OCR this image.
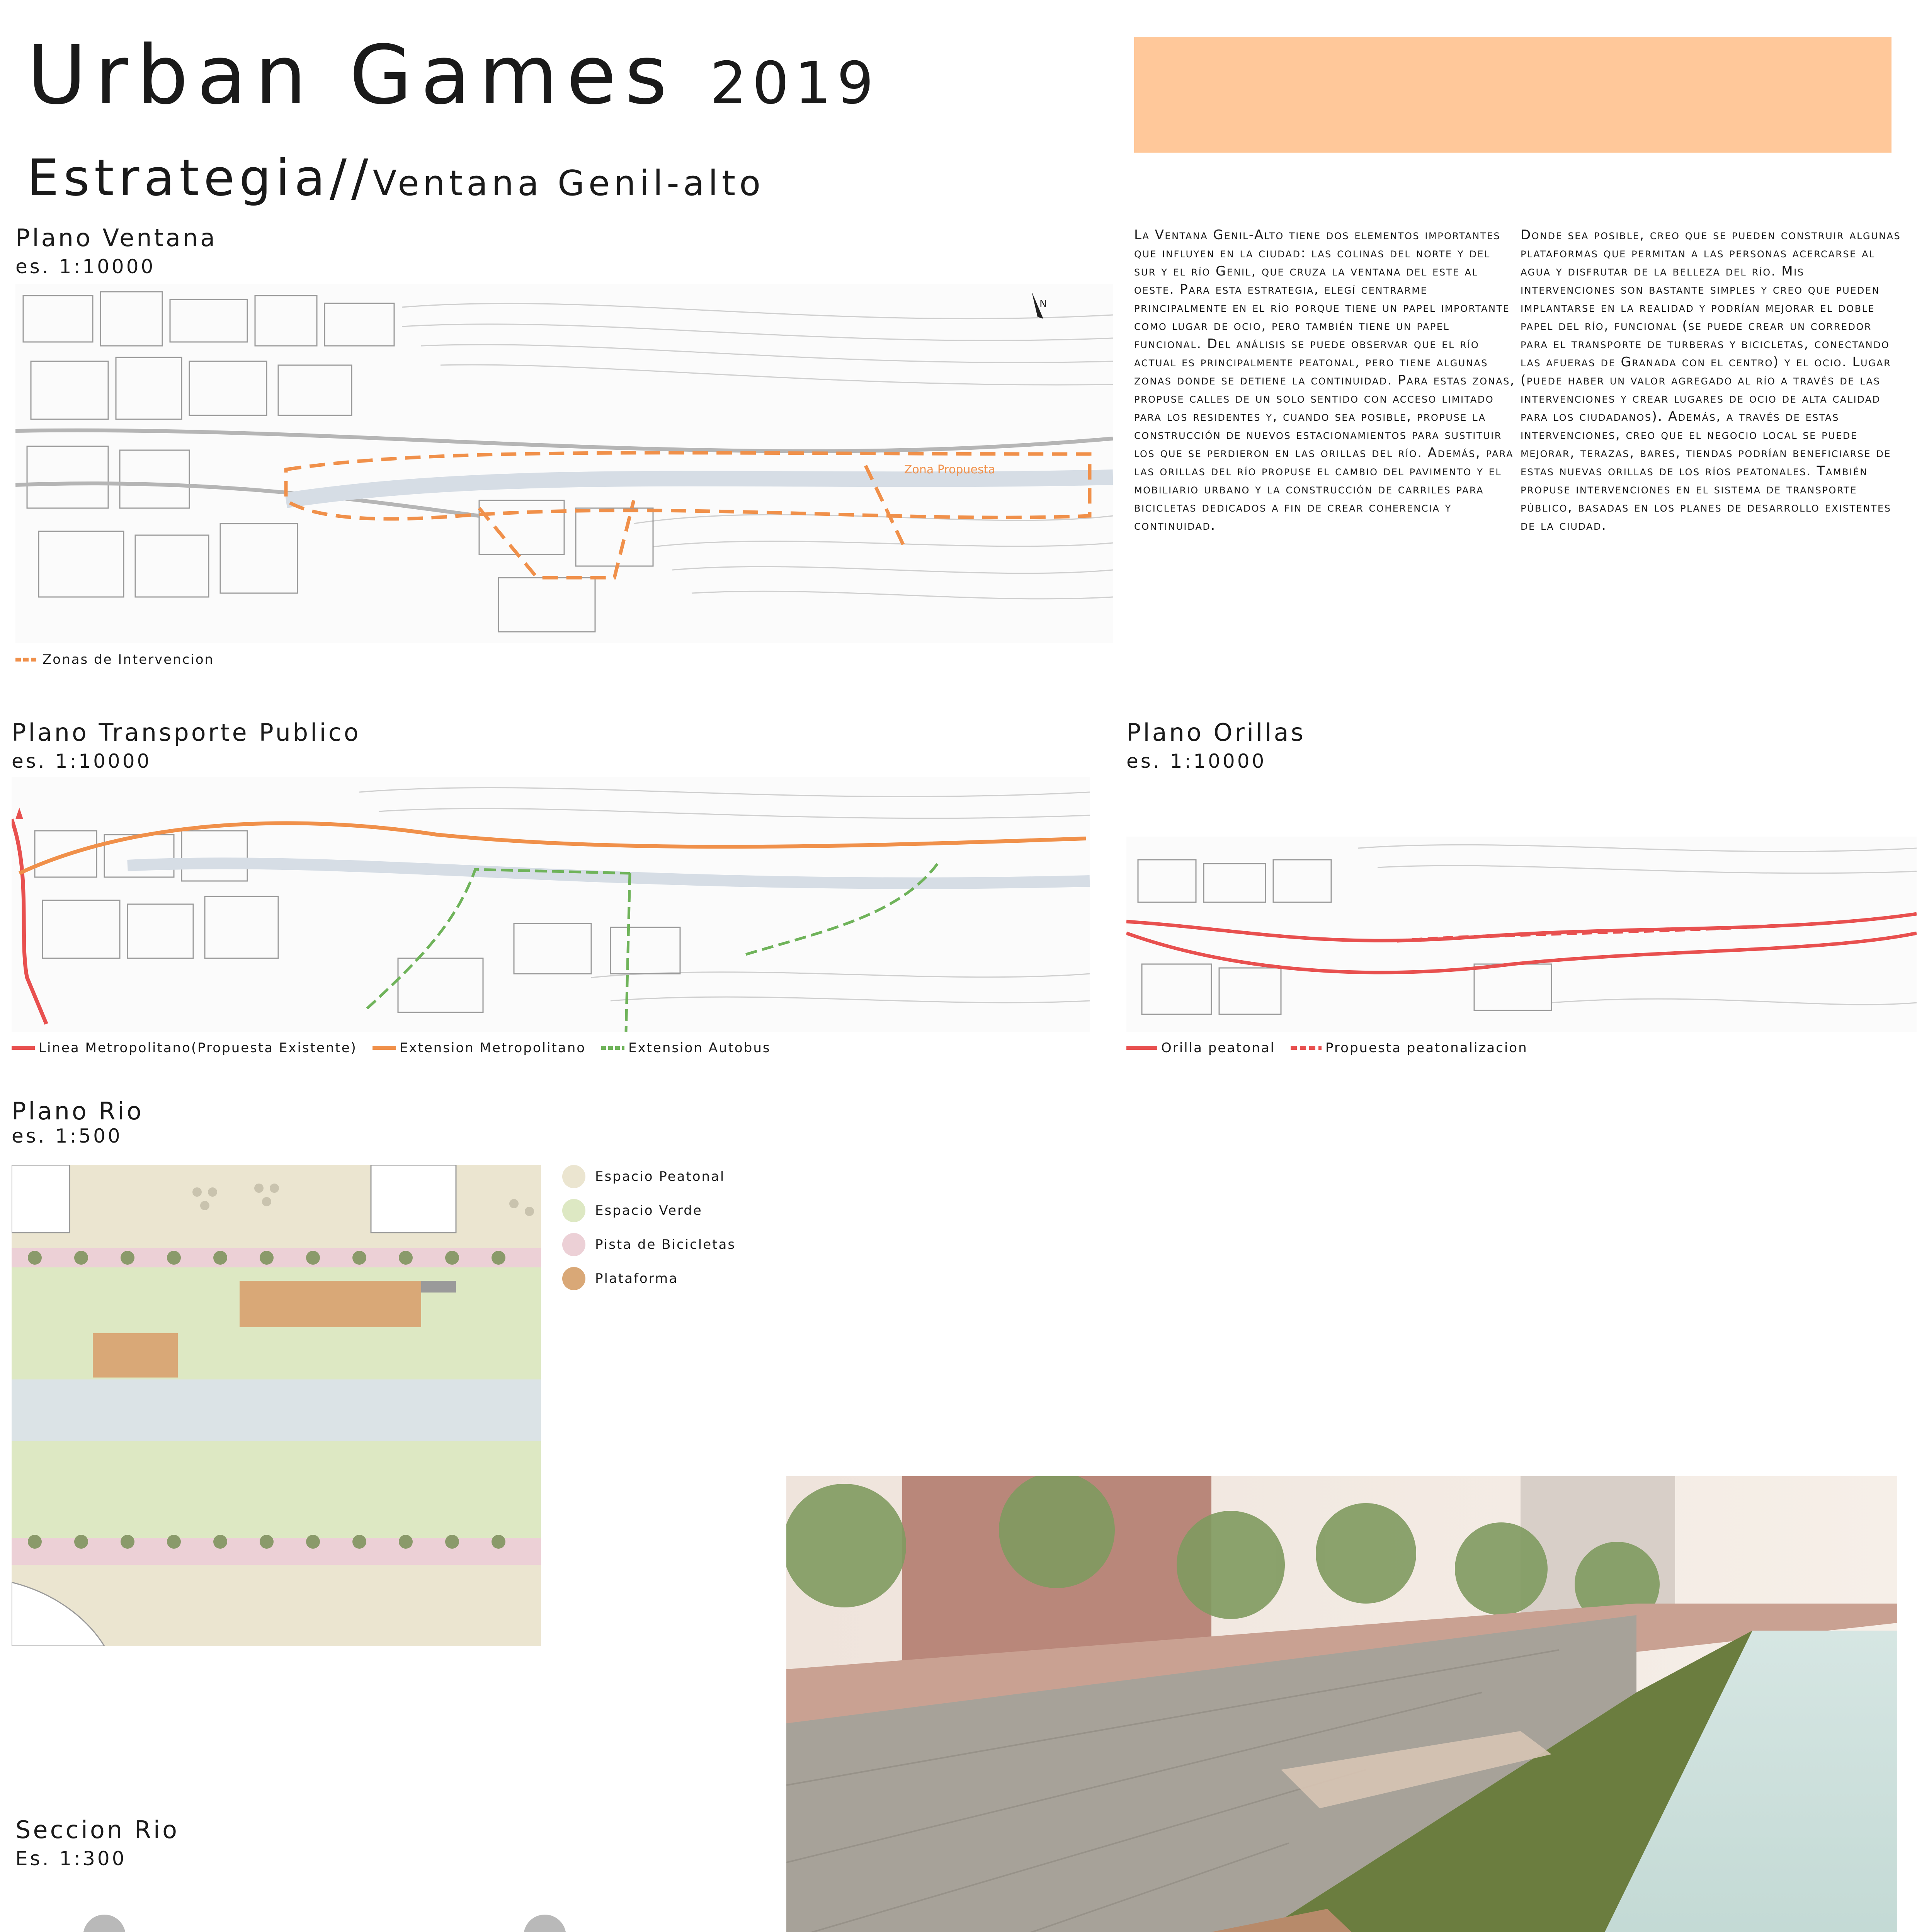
Urban Games 2019
Estrategia//Ventana Genil-alto
Plano Ventana
es. 1:10000
Zona Propuesta
N
Zonas de Intervencion
La Ventana Genil-Alto tiene dos elementos importantes que influyen en la ciudad: las colinas del norte y del sur y el río Genil, que cruza la ventana del este al oeste. Para esta estrategia, elegí centrarme principalmente en el río porque tiene un papel importante como lugar de ocio, pero también tiene un papel funcional. Del análisis se puede observar que el río actual es principalmente peatonal, pero tiene algunas zonas donde se detiene la continuidad. Para estas zonas, propuse calles de un solo sentido con acceso limitado para los residentes y, cuando sea posible, propuse la construcción de nuevos estacionamientos para sustituir los que se perdieron en las orillas del río. Además, para las orillas del río propuse el cambio del pavimento y el mobiliario urbano y la construcción de carriles para bicicletas dedicados a fin de crear coherencia y continuidad.
Donde sea posible, creo que se pueden construir algunas plataformas que permitan a las personas acercarse al agua y disfrutar de la belleza del río. Mis intervenciones son bastante simples y creo que pueden implantarse en la realidad y podrían mejorar el doble papel del río, funcional (se puede crear un corredor para el transporte de turberas y bicicletas, conectando las afueras de Granada con el centro) y el ocio. Lugar (puede haber un valor agregado al río a través de las intervenciones y crear lugares de ocio de alta calidad para los ciudadanos). Además, a través de estas intervenciones, creo que el negocio local se puede mejorar, terazas, bares, tiendas podrían beneficiarse de estas nuevas orillas de los ríos peatonales. También propuse intervenciones en el sistema de transporte público, basadas en los planes de desarrollo existentes de la ciudad.
Plano Transporte Publico
es. 1:10000
Linea Metropolitano(Propuesta Existente)	Extension Metropolitano	Extension Autobus
Plano Orillas
es. 1:10000
Orilla peatonal	Propuesta peatonalizacion
Plano Rio
es. 1:500
Espacio Peatonal
Espacio Verde
Pista de Bicicletas
Plataforma
Seccion Rio
Es. 1:300
